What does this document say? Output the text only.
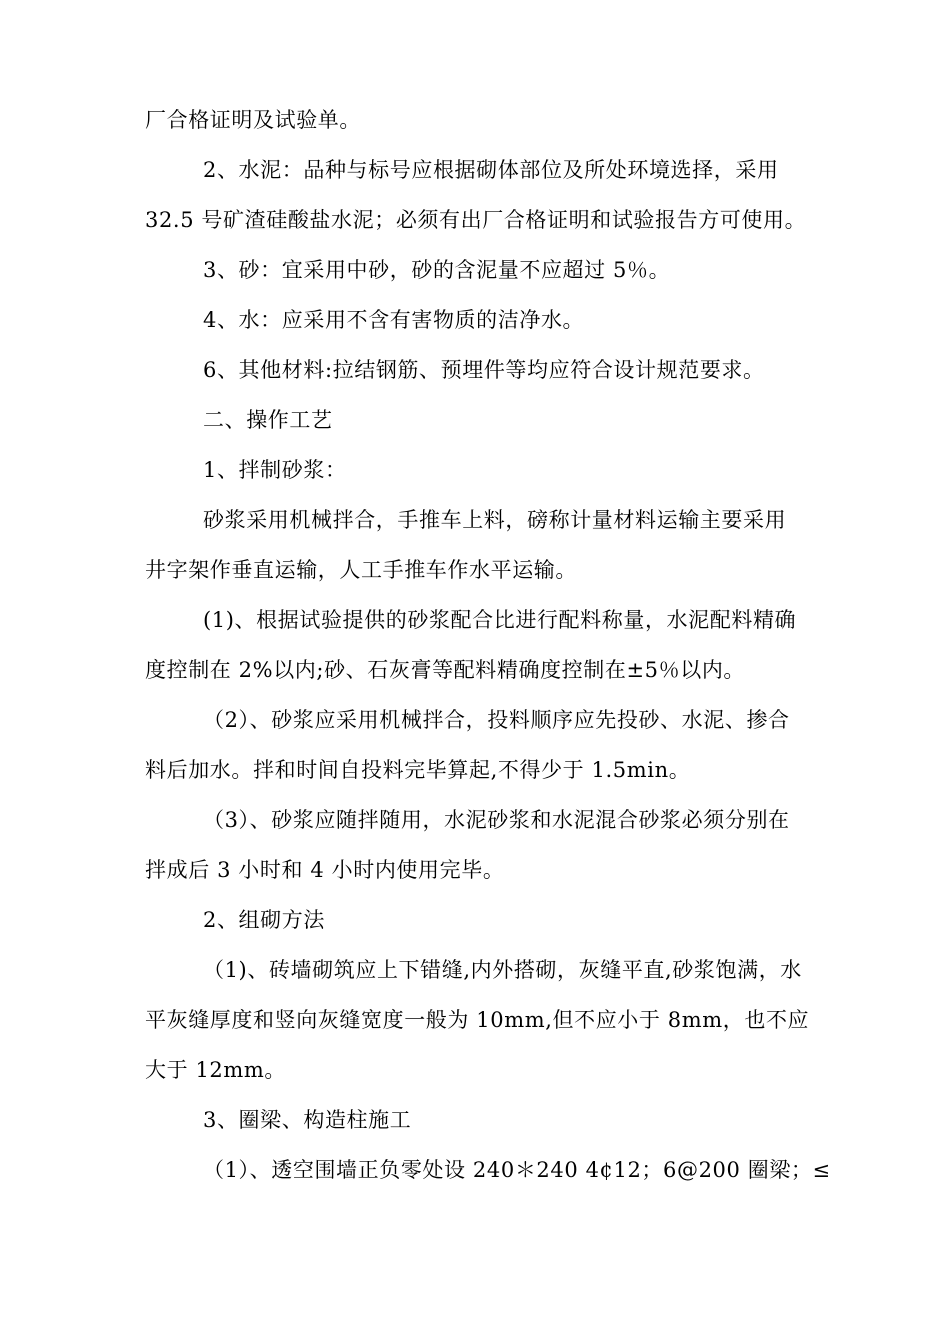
厂合格证明及试验单。
2、水泥：品种与标号应根据砌体部位及所处环境选择，采用
32.5 号矿渣硅酸盐水泥；必须有出厂合格证明和试验报告方可使用。
3、砂：宜采用中砂，砂的含泥量不应超过 5％。
4、水：应采用不含有害物质的洁净水。
6、其他材料:拉结钢筋、预埋件等均应符合设计规范要求。
二、操作工艺
1、拌制砂浆：
砂浆采用机械拌合，手推车上料，磅称计量材料运输主要采用
井字架作垂直运输，人工手推车作水平运输。
(1)、根据试验提供的砂浆配合比进行配料称量，水泥配料精确
度控制在 2%以内;砂、石灰膏等配料精确度控制在±5％以内。
（2）、砂浆应采用机械拌合，投料顺序应先投砂、水泥、掺合
料后加水。拌和时间自投料完毕算起,不得少于 1.5min。
（3）、砂浆应随拌随用，水泥砂浆和水泥混合砂浆必须分别在
拌成后 3 小时和 4 小时内使用完毕。
2、组砌方法
（1)、砖墙砌筑应上下错缝,内外搭砌，灰缝平直,砂浆饱满，水
平灰缝厚度和竖向灰缝宽度一般为 10mm,但不应小于 8mm，也不应
大于 12mm。
3、圈梁、构造柱施工
（1）、透空围墙正负零处设 240＊240 4¢12；6@200 圈梁；≤
